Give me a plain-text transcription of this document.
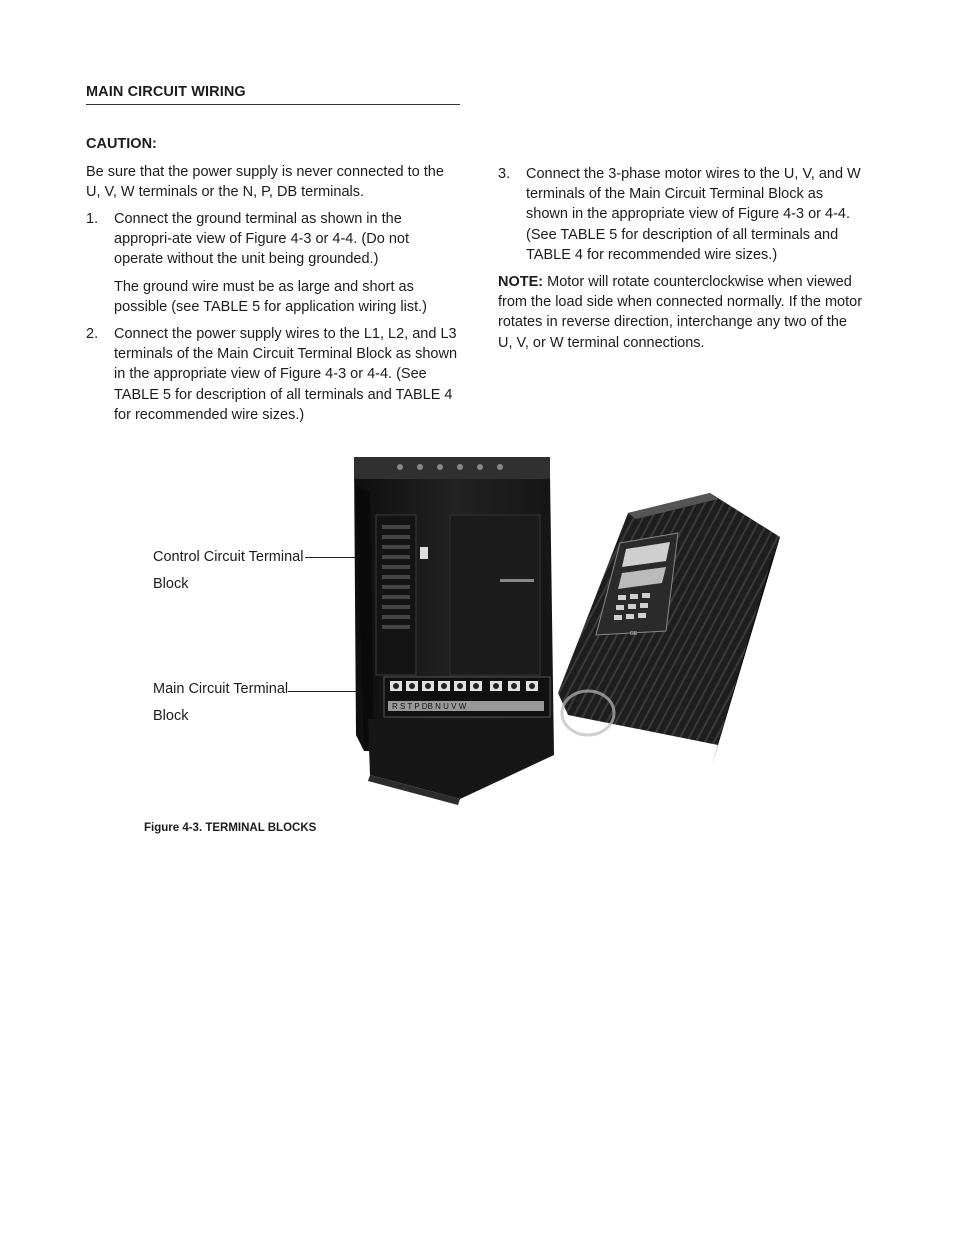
MAIN CIRCUIT WIRING
CAUTION:
Be sure that the power supply is never connected to the U, V, W terminals or the N, P, DB terminals.
1. Connect the ground terminal as shown in the appropri-ate view of Figure 4-3 or 4-4. (Do not operate without the unit being grounded.)
The ground wire must be as large and short as possible (see TABLE 5 for application wiring list.)
2. Connect the power supply wires to the L1, L2, and L3 terminals of the Main Circuit Terminal Block as shown in the appropriate view of Figure 4-3 or 4-4. (See TABLE 5 for description of all terminals and TABLE 4 for recommended wire sizes.)
3. Connect the 3-phase motor wires to the U, V, and W terminals of the Main Circuit Terminal Block as shown in the appropriate view of Figure 4-3 or 4-4. (See TABLE 5 for description of all terminals and TABLE 4 for recommended wire sizes.)
NOTE: Motor will rotate counterclockwise when viewed from the load side when connected normally. If the motor rotates in reverse direction, interchange any two of the U, V, or W terminal connections.
Control Circuit Terminal Block
Main Circuit Terminal Block
GE
R S T P DB N U V W
Figure 4-3. TERMINAL BLOCKS
